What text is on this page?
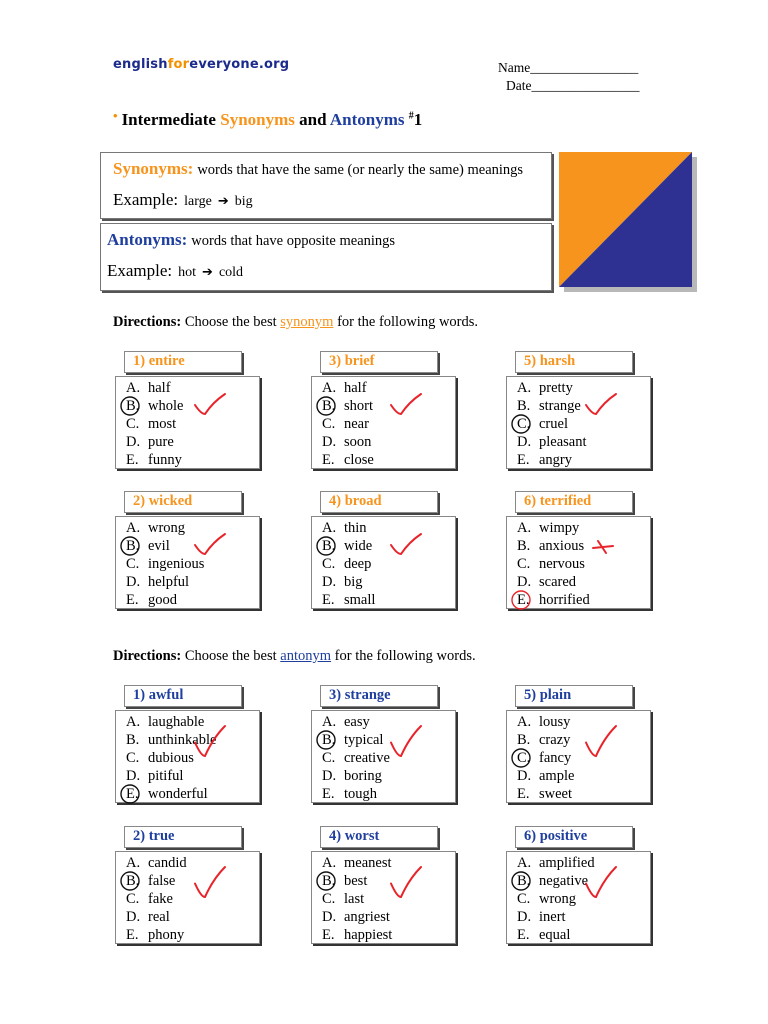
englishforeveryone.org	Name________________
Date________________
• Intermediate Synonyms and Antonyms #1
Synonyms: words that have the same (or nearly the same) meanings
Example: large ➔ big
Antonyms: words that have opposite meanings
Example: hot ➔ cold
Directions: Choose the best synonym for the following words.
Directions: Choose the best antonym for the following words.
1) entire
A. half
B. whole
C. most
D. pure
E. funny
3) brief
A. half
B. short
C. near
D. soon
E. close
5) harsh
A. pretty
B. strange
C. cruel
D. pleasant
E. angry
2) wicked
A. wrong
B. evil
C. ingenious
D. helpful
E. good
4) broad
A. thin
B. wide
C. deep
D. big
E. small
6) terrified
A. wimpy
B. anxious
C. nervous
D. scared
E. horrified
1) awful
A. laughable
B. unthinkable
C. dubious
D. pitiful
E. wonderful
3) strange
A. easy
B. typical
C. creative
D. boring
E. tough
5) plain
A. lousy
B. crazy
C. fancy
D. ample
E. sweet
2) true
A. candid
B. false
C. fake
D. real
E. phony
4) worst
A. meanest
B. best
C. last
D. angriest
E. happiest
6) positive
A. amplified
B. negative
C. wrong
D. inert
E. equal
